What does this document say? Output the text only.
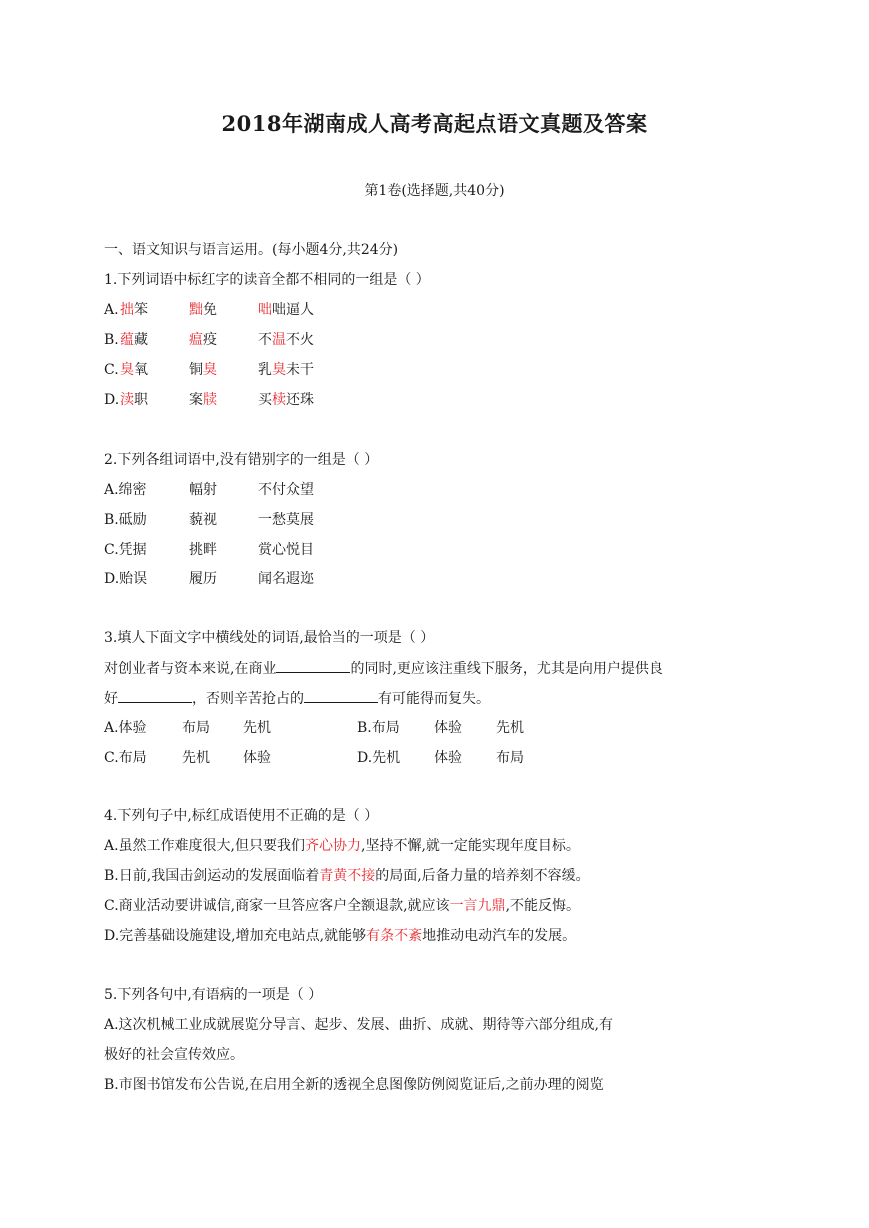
2018年湖南成人高考高起点语文真题及答案
第1卷(选择题,共40分)
一、语文知识与语言运用。(每小题4分,共24分)
1.下列词语中标红字的读音全都不相同的一组是（ ）
A. 拙笨	黜免	咄咄逼人
B. 蕴藏	瘟疫	不温不火
C. 臭氧	铜臭	乳臭未干
D. 渎职	案牍	买椟还珠
2.下列各组词语中,没有错别字的一组是（ ）
A.绵密	幅射	不付众望
B.砥励	藐视	一愁莫展
C.凭据	挑畔	赏心悦目
D.贻误	履历	闻名遐迩
3.填人下面文字中横线处的词语,最恰当的一项是（ ）
对创业者与资本来说,在商业	的同时,更应该注重线下服务，尤其是向用户提供良
好	，否则辛苦抢占的	有可能得而复失。
A.体验	布局 先机	B.布局 体验 先机
C.布局	先机 体验	D.先机 体验 布局
4.下列句子中,标红成语使用不正确的是（ ）
A.虽然工作难度很大,但只要我们齐心协力,坚持不懈,就一定能实现年度目标。
B.日前,我国击剑运动的发展面临着青黄不接的局面,后备力量的培养刻不容缓。
C.商业活动要讲诚信,商家一旦答应客户全额退款,就应该一言九鼎,不能反悔。
D.完善基础设施建设,增加充电站点,就能够有条不紊地推动电动汽车的发展。
5.下列各句中,有语病的一项是（ ）
A.这次机械工业成就展览分导言、起步、发展、曲折、成就、期待等六部分组成,有
极好的社会宣传效应。
B.市图书馆发布公告说,在启用全新的透视全息图像防例阅览证后,之前办理的阅览
